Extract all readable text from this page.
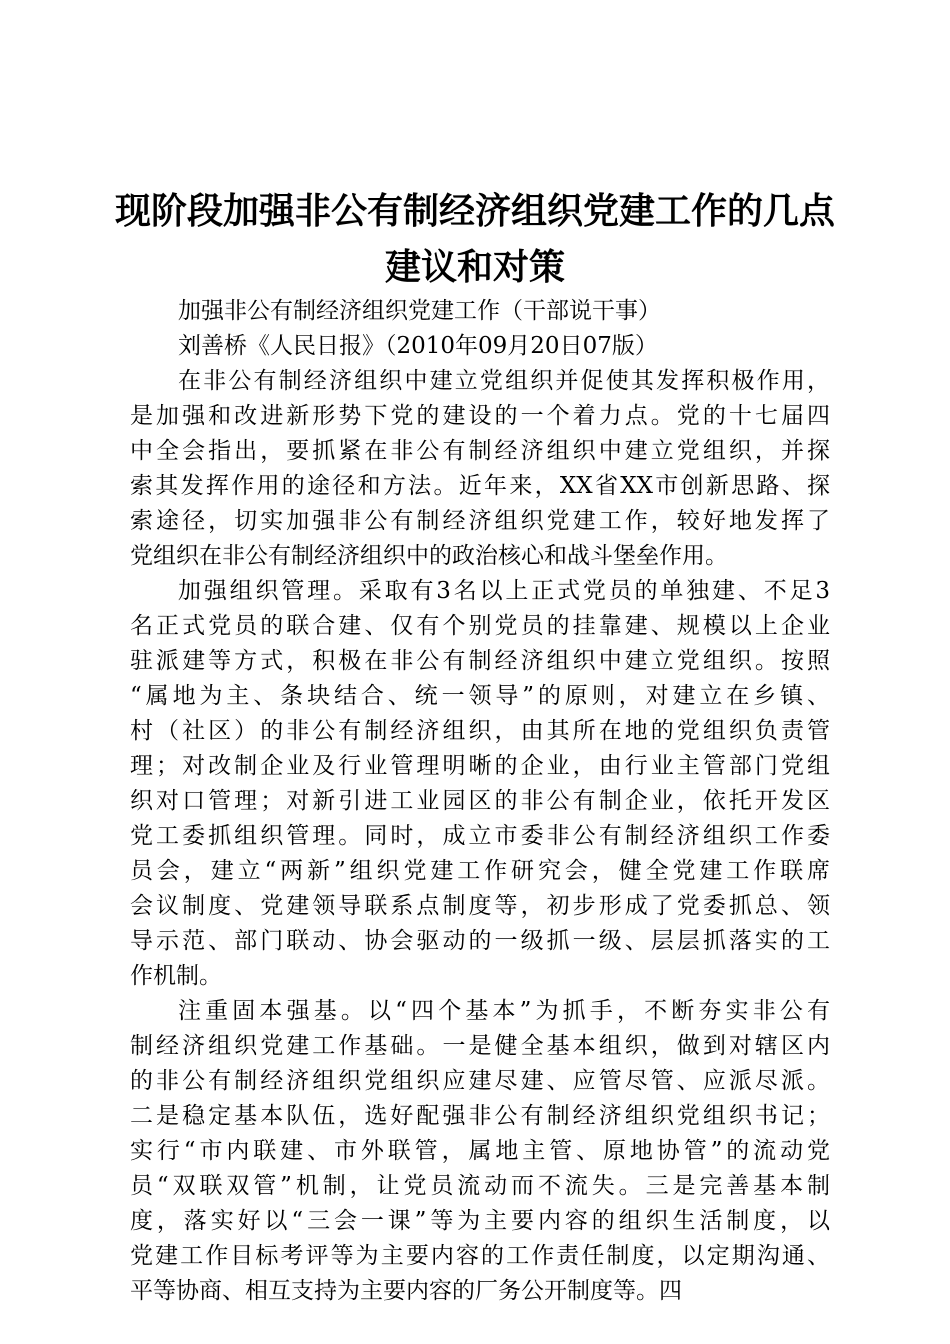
现阶段加强非公有制经济组织党建工作的几点
建议和对策
加强非公有制经济组织党建工作（干部说干事）
刘善桥《人民日报》（2010年09月20日07版）
在非公有制经济组织中建立党组织并促使其发挥积极作用，
是加强和改进新形势下党的建设的一个着力点。党的十七届四
中全会指出，要抓紧在非公有制经济组织中建立党组织，并探
索其发挥作用的途径和方法。近年来，XX省XX市创新思路、探
索途径，切实加强非公有制经济组织党建工作，较好地发挥了
党组织在非公有制经济组织中的政治核心和战斗堡垒作用。
加强组织管理。采取有3名以上正式党员的单独建、不足3
名正式党员的联合建、仅有个别党员的挂靠建、规模以上企业
驻派建等方式，积极在非公有制经济组织中建立党组织。按照
“属地为主、条块结合、统一领导”的原则，对建立在乡镇、
村（社区）的非公有制经济组织，由其所在地的党组织负责管
理；对改制企业及行业管理明晰的企业，由行业主管部门党组
织对口管理；对新引进工业园区的非公有制企业，依托开发区
党工委抓组织管理。同时，成立市委非公有制经济组织工作委
员会，建立“两新”组织党建工作研究会，健全党建工作联席
会议制度、党建领导联系点制度等，初步形成了党委抓总、领
导示范、部门联动、协会驱动的一级抓一级、层层抓落实的工
作机制。
注重固本强基。以“四个基本”为抓手，不断夯实非公有
制经济组织党建工作基础。一是健全基本组织，做到对辖区内
的非公有制经济组织党组织应建尽建、应管尽管、应派尽派。
二是稳定基本队伍，选好配强非公有制经济组织党组织书记；
实行“市内联建、市外联管，属地主管、原地协管”的流动党
员“双联双管”机制，让党员流动而不流失。三是完善基本制
度，落实好以“三会一课”等为主要内容的组织生活制度，以
党建工作目标考评等为主要内容的工作责任制度，以定期沟通、
平等协商、相互支持为主要内容的厂务公开制度等。四
